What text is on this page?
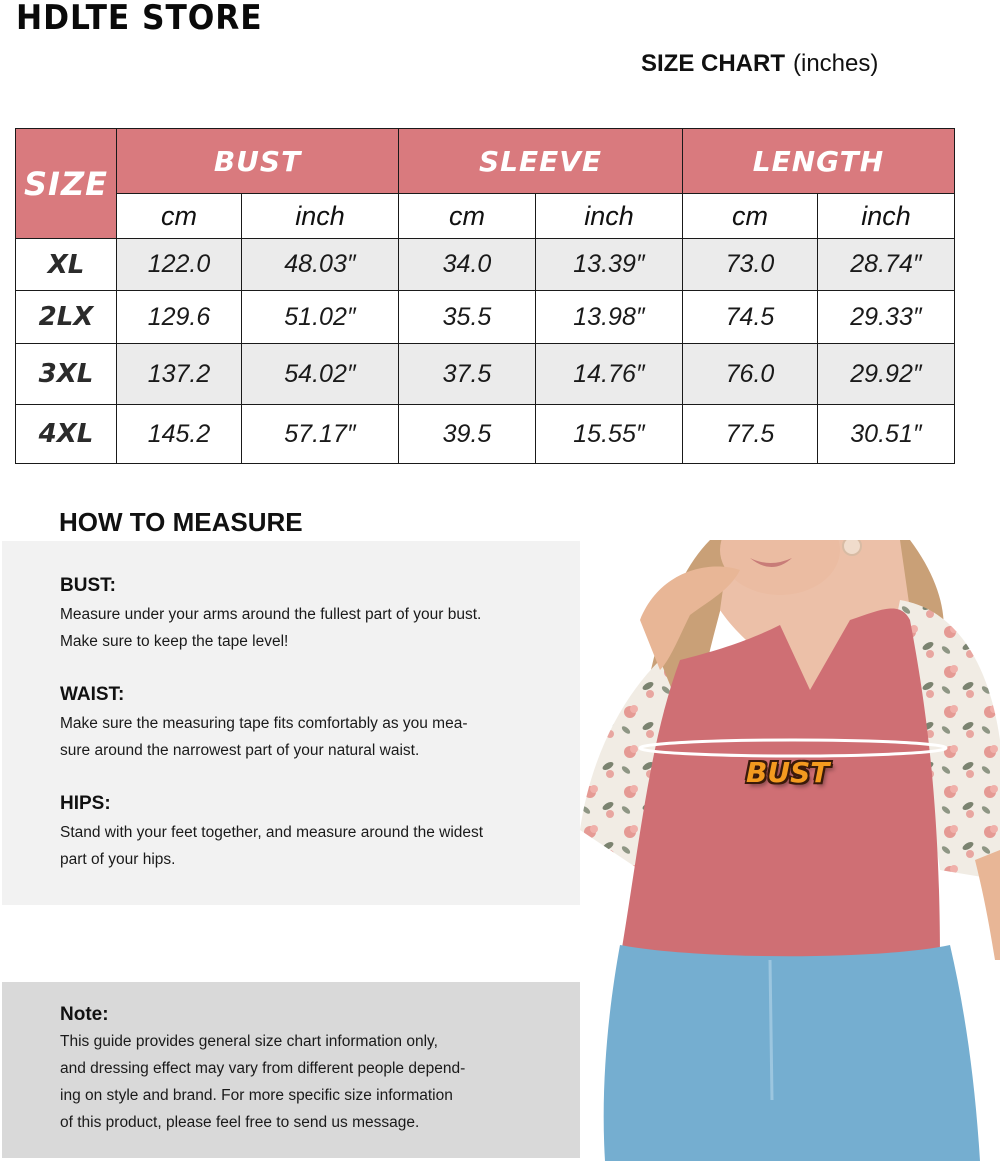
HDLTE STORE
SIZE CHART (inches)
SIZE	BUST		SLEEVE		LENGTH	
	cm	inch	cm	inch	cm	inch
XL	122.0	48.03″	34.0	13.39″	73.0	28.74″
2LX	129.6	51.02″	35.5	13.98″	74.5	29.33″
3XL	137.2	54.02″	37.5	14.76″	76.0	29.92″
4XL	145.2	57.17″	39.5	15.55″	77.5	30.51″
HOW TO MEASURE
BUST:

Measure under your arms around the fullest part of your bust.

Make sure to keep the tape level!

WAIST:

Make sure the measuring tape fits comfortably as you mea-

sure around the narrowest part of your natural waist.

HIPS:

Stand with your feet together, and measure around the widest

part of your hips.

Note:

This guide provides general size chart information only,
and dressing effect may vary from different people depend-
ing on style and brand. For more specific size information
of this product, please feel free to send us message.

BUST
